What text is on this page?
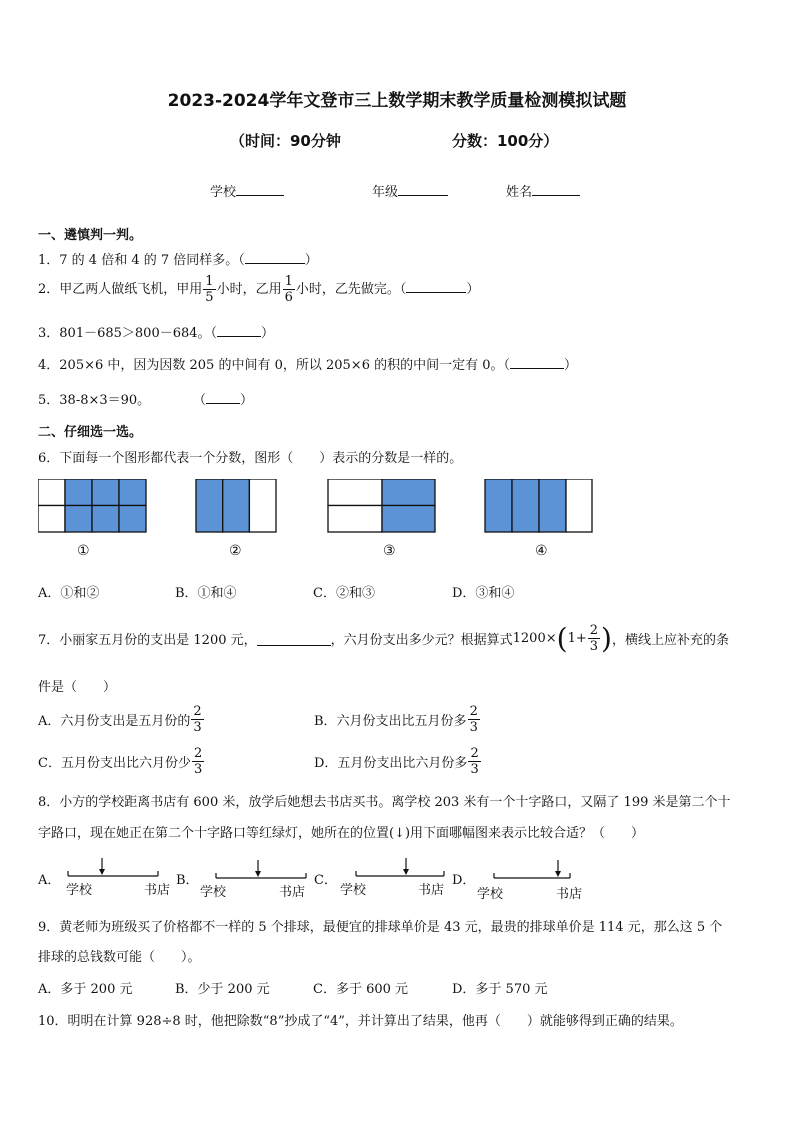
2023-2024学年文登市三上数学期末教学质量检测模拟试题
（时间：90分钟	分数：100分）
学校	年级	姓名
一、遴慎判一判。
1．7 的 4 倍和 4 的 7 倍同样多。（	）
2．甲乙两人做纸飞机，甲用 $\frac{1}{5}$ 小时，乙用 $\frac{1}{6}$ 小时，乙先做完。（	）
3．801－685＞800－684。（	）
4．205×6 中，因为因数 205 的中间有 0，所以 205×6 的积的中间一定有 0。（	）
5．38-8×3＝90。	（	）
二、仔细选一选。
6．下面每一个图形都代表一个分数，图形（　　）表示的分数是一样的。
①	②	③	④
A．①和②	B．①和④	C．②和③	D．③和④
7．小丽家五月份的支出是 1200 元，	，六月份支出多少元？根据算式 1200× ( $1+ \frac{2}{3}$ ) ，横线上应补充的条
件是（　　）
A．六月份支出是五月份的 $\frac{2}{3}$	B．六月份支出比五月份多 $\frac{2}{3}$
C．五月份支出比六月份少 $\frac{2}{3}$	D．五月份支出比六月份多 $\frac{2}{3}$
8．小方的学校距离书店有 600 米，放学后她想去书店买书。离学校 203 米有一个十字路口，又隔了 199 米是第二个十
字路口，现在她正在第二个十字路口等红绿灯，她所在的位置(↓)用下面哪幅图来表示比较合适？（　　）
A．
学校	书店
B．
学校	书店
C．
学校	书店
D．
学校	书店
9．黄老师为班级买了价格都不一样的 5 个排球，最便宜的排球单价是 43 元，最贵的排球单价是 114 元，那么这 5 个
排球的总钱数可能（　　）。
A．多于 200 元	B．少于 200 元	C．多于 600 元	D．多于 570 元
10．明明在计算 928÷8 时，他把除数“8”抄成了“4”，并计算出了结果，他再（　　）就能够得到正确的结果。
